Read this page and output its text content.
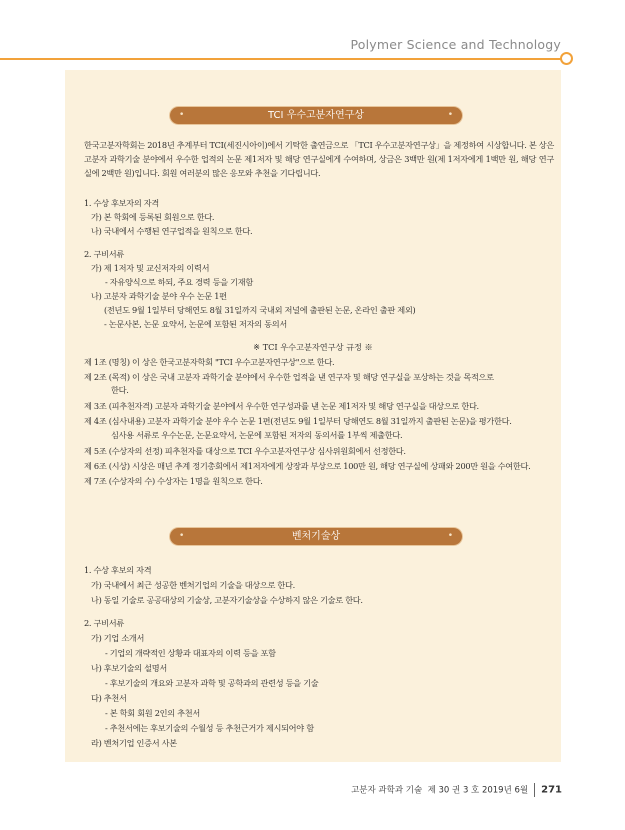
Polymer Science and Technology
•	TCI 우수고분자연구상	•
한국고분자학회는 2018년 추계부터 TCI(세진시아이)에서 기탁한 출연금으로 「TCI 우수고분자연구상」을 제정하여 시상합니다. 본 상은 고분자 과학기술 분야에서 우수한 업적의 논문 제1저자 및 해당 연구실에게 수여하며, 상금은 3백만 원(제 1저자에게 1백만 원, 해당 연구실에 2백만 원)입니다. 회원 여러분의 많은 응모와 추천을 기다립니다.
1. 수상 후보자의 자격
가) 본 학회에 등록된 회원으로 한다.
나) 국내에서 수행된 연구업적을 원칙으로 한다.
2. 구비서류
가) 제 1저자 및 교신저자의 이력서
- 자유양식으로 하되, 주요 경력 등을 기재함
나) 고분자 과학기술 분야 우수 논문 1편
(전년도 9월 1일부터 당해연도 8월 31일까지 국내외 저널에 출판된 논문, 온라인 출판 제외)
- 논문사본, 논문 요약서, 논문에 포함된 저자의 동의서
※ TCI 우수고분자연구상 규정 ※
제 1조 (명칭) 이 상은 한국고분자학회 "TCI 우수고분자연구상"으로 한다.
제 2조 (목적) 이 상은 국내 고분자 과학기술 분야에서 우수한 업적을 낸 연구자 및 해당 연구실을 포상하는 것을 목적으로
한다.
제 3조 (피추천자격) 고분자 과학기술 분야에서 우수한 연구성과를 낸 논문 제1저자 및 해당 연구실을 대상으로 한다.
제 4조 (심사내용) 고분자 과학기술 분야 우수 논문 1편(전년도 9월 1일부터 당해연도 8월 31일까지 출판된 논문)을 평가한다.
심사용 서류로 우수논문, 논문요약서, 논문에 포함된 저자의 동의서를 1부씩 제출한다.
제 5조 (수상자의 선정) 피추천자를 대상으로 TCI 우수고분자연구상 심사위원회에서 선정한다.
제 6조 (시상) 시상은 매년 추계 정기총회에서 제1저자에게 상장과 부상으로 100만 원, 해당 연구실에 상패와 200만 원을 수여한다.
제 7조 (수상자의 수) 수상자는 1명을 원칙으로 한다.
•	벤처기술상	•
1. 수상 후보의 자격
가) 국내에서 최근 성공한 벤처기업의 기술을 대상으로 한다.
나) 동일 기술로 공공대상의 기술상, 고분자기술상을 수상하지 않은 기술로 한다.
2. 구비서류
가) 기업 소개서
- 기업의 개략적인 상황과 대표자의 이력 등을 포함
나) 후보기술의 설명서
- 후보기술의 개요와 고분자 과학 및 공학과의 관련성 등을 기술
다) 추천서
- 본 학회 회원 2인의 추천서
- 추천서에는 후보기술의 수월성 등 추천근거가 제시되어야 함
라) 벤처기업 인증서 사본
고분자 과학과 기술 제 30 권 3 호 2019년 6월 271
